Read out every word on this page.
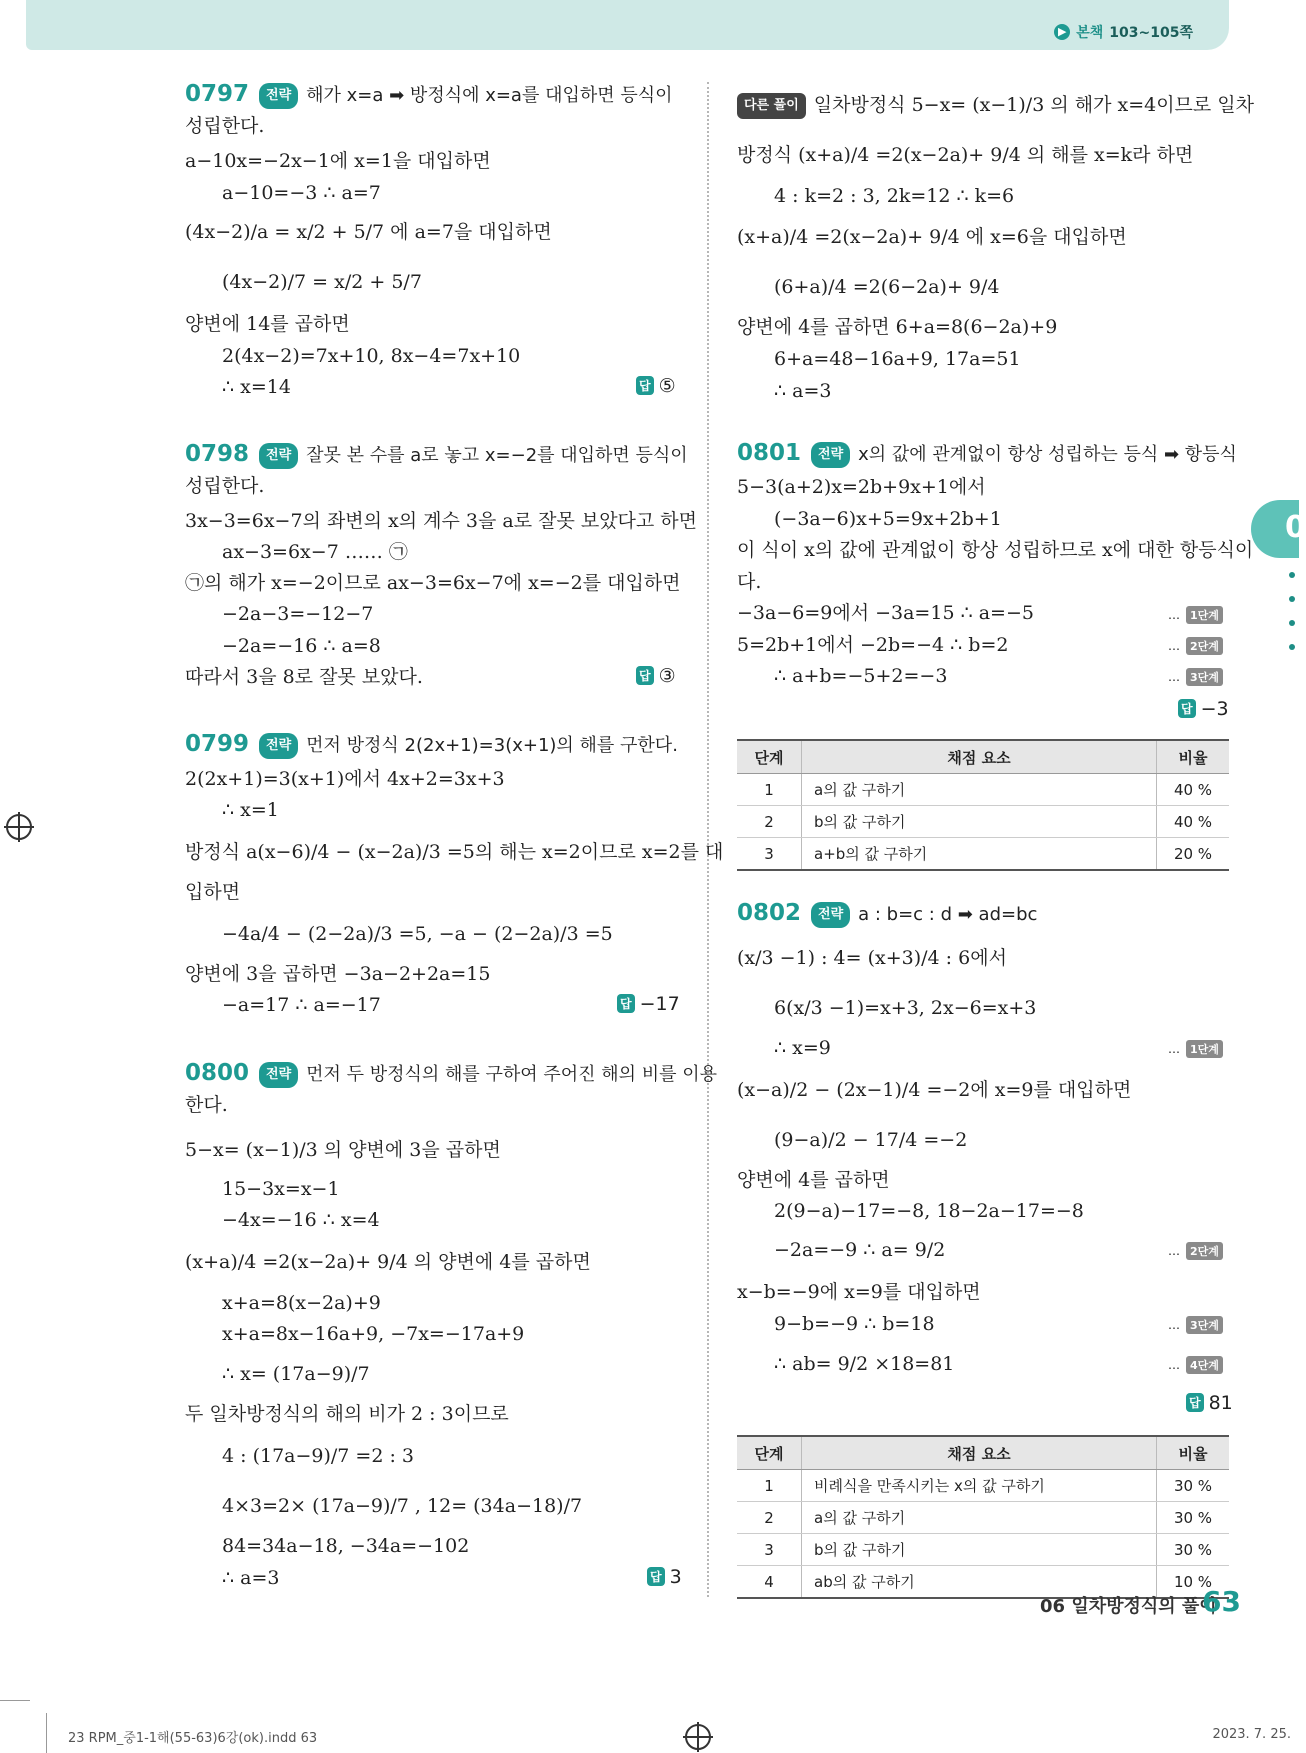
▶ 본책 103~105쪽
0
0797 전략 해가 x=a ➡ 방정식에 x=a를 대입하면 등식이
성립한다.
a−10x=−2x−1에 x=1을 대입하면
a−10=−3 ∴ a=7
(4x−2)/a = x/2 + 5/7 에 a=7을 대입하면
(4x−2)/7 = x/2 + 5/7
양변에 14를 곱하면
2(4x−2)=7x+10, 8x−4=7x+10
∴ x=14
0798 전략 잘못 본 수를 a로 놓고 x=−2를 대입하면 등식이
성립한다.
3x−3=6x−7의 좌변의 x의 계수 3을 a로 잘못 보았다고 하면
ax−3=6x−7 …… ㉠
㉠의 해가 x=−2이므로 ax−3=6x−7에 x=−2를 대입하면
−2a−3=−12−7
−2a=−16 ∴ a=8
따라서 3을 8로 잘못 보았다.
0799 전략 먼저 방정식 2(2x+1)=3(x+1)의 해를 구한다.
2(2x+1)=3(x+1)에서 4x+2=3x+3
∴ x=1
방정식 a(x−6)/4 − (x−2a)/3 =5의 해는 x=2이므로 x=2를 대
입하면
−4a/4 − (2−2a)/3 =5, −a − (2−2a)/3 =5
양변에 3을 곱하면 −3a−2+2a=15
−a=17 ∴ a=−17
0800 전략 먼저 두 방정식의 해를 구하여 주어진 해의 비를 이용
한다.
5−x= (x−1)/3 의 양변에 3을 곱하면
15−3x=x−1
−4x=−16 ∴ x=4
(x+a)/4 =2(x−2a)+ 9/4 의 양변에 4를 곱하면
x+a=8(x−2a)+9
x+a=8x−16a+9, −7x=−17a+9
∴ x= (17a−9)/7
두 일차방정식의 해의 비가 2 : 3이므로
4 : (17a−9)/7 =2 : 3
4×3=2× (17a−9)/7 , 12= (34a−18)/7
84=34a−18, −34a=−102
∴ a=3
다른 풀이 일차방정식 5−x= (x−1)/3 의 해가 x=4이므로 일차
방정식 (x+a)/4 =2(x−2a)+ 9/4 의 해를 x=k라 하면
4 : k=2 : 3, 2k=12 ∴ k=6
(x+a)/4 =2(x−2a)+ 9/4 에 x=6을 대입하면
(6+a)/4 =2(6−2a)+ 9/4
양변에 4를 곱하면 6+a=8(6−2a)+9
6+a=48−16a+9, 17a=51
∴ a=3
0801 전략 x의 값에 관계없이 항상 성립하는 등식 ➡ 항등식
5−3(a+2)x=2b+9x+1에서
(−3a−6)x+5=9x+2b+1
이 식이 x의 값에 관계없이 항상 성립하므로 x에 대한 항등식이
다.
−3a−6=9에서 −3a=15 ∴ a=−5
5=2b+1에서 −2b=−4 ∴ b=2
∴ a+b=−5+2=−3
0802 전략 a : b=c : d ➡ ad=bc
(x/3 −1) : 4= (x+3)/4 : 6에서
6(x/3 −1)=x+3, 2x−6=x+3
∴ x=9
(x−a)/2 − (2x−1)/4 =−2에 x=9를 대입하면
(9−a)/2 − 17/4 =−2
양변에 4를 곱하면
2(9−a)−17=−8, 18−2a−17=−8
−2a=−9 ∴ a= 9/2
x−b=−9에 x=9를 대입하면
9−b=−9 ∴ b=18
∴ ab= 9/2 ×18=81
답 ⑤
답 ③
답 −17
답 3
답 −3
답 81
… 1단계
… 2단계
… 3단계
… 1단계
… 2단계
… 3단계
… 4단계
단계	채점 요소	비율
1	a의 값 구하기	40 %
2	b의 값 구하기	40 %
3	a+b의 값 구하기	20 %
단계	채점 요소	비율
1	비례식을 만족시키는 x의 값 구하기	30 %
2	a의 값 구하기	30 %
3	b의 값 구하기	30 %
4	ab의 값 구하기	10 %
06 일차방정식의 풀이
63
23 RPM_중1-1해(55-63)6강(ok).indd 63	2023. 7. 25.
